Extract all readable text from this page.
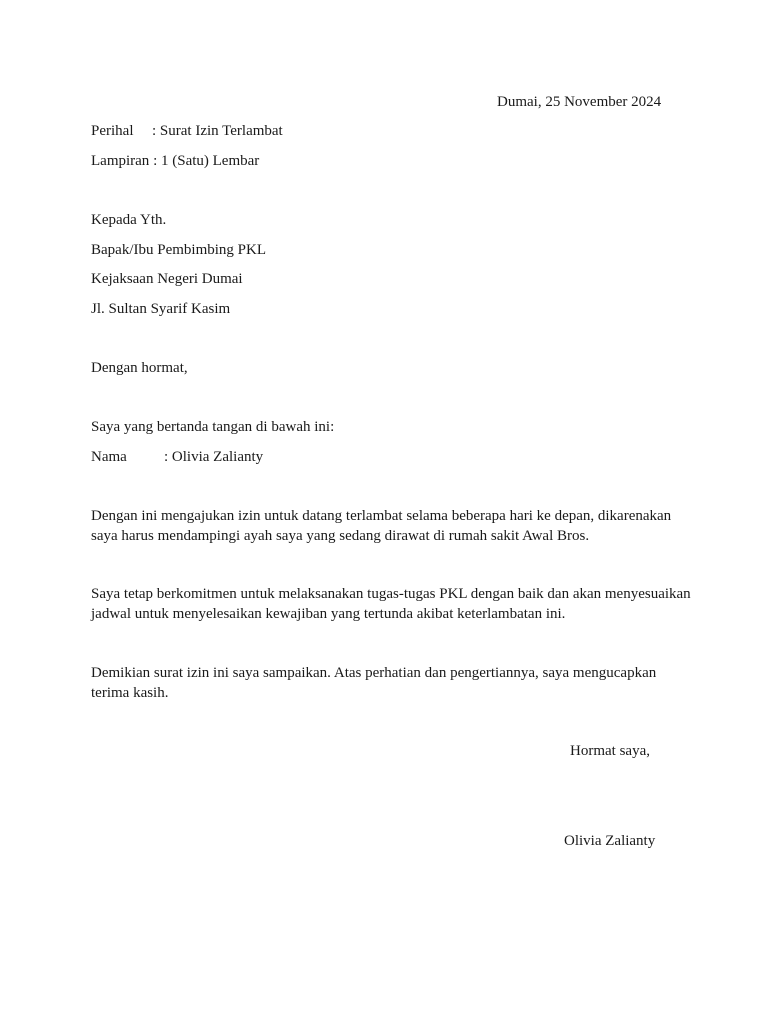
Dumai, 25 November 2024
Perihal : Surat Izin Terlambat
Lampiran : 1 (Satu) Lembar
Kepada Yth.
Bapak/Ibu Pembimbing PKL
Kejaksaan Negeri Dumai
Jl. Sultan Syarif Kasim
Dengan hormat,
Saya yang bertanda tangan di bawah ini:
Nama : Olivia Zalianty
Dengan ini mengajukan izin untuk datang terlambat selama beberapa hari ke depan, dikarenakan saya harus mendampingi ayah saya yang sedang dirawat di rumah sakit Awal Bros.
Saya tetap berkomitmen untuk melaksanakan tugas-tugas PKL dengan baik dan akan menyesuaikan jadwal untuk menyelesaikan kewajiban yang tertunda akibat keterlambatan ini.
Demikian surat izin ini saya sampaikan. Atas perhatian dan pengertiannya, saya mengucapkan terima kasih.
Hormat saya,
Olivia Zalianty
